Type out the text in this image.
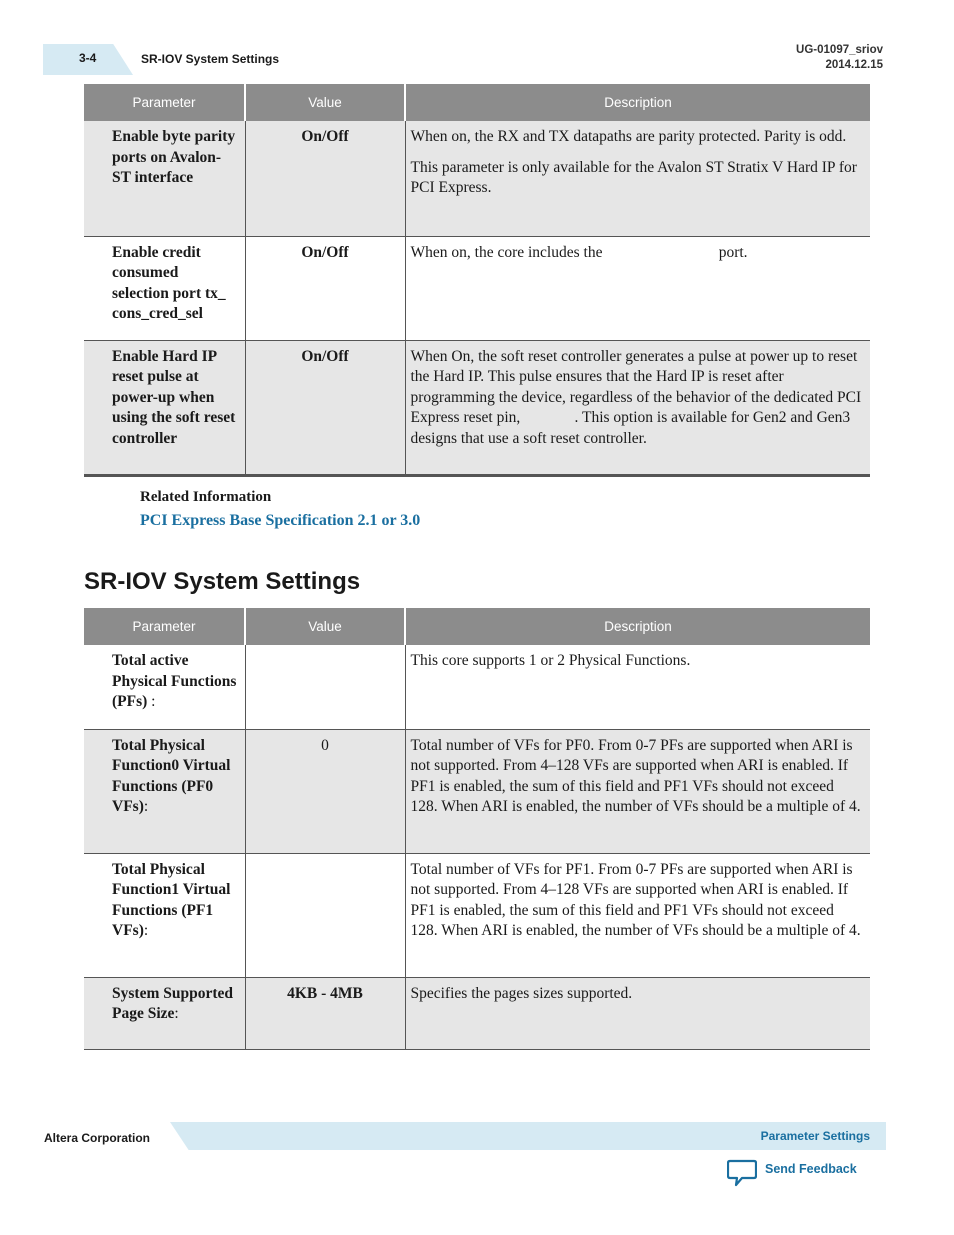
3-4	SR-IOV System Settings
UG-01097_sriov
2014.12.15
Parameter	Value	Description
Enable byte parity ports on Avalon-ST interface	On/Off	When on, the RX and TX datapaths are parity protected. Parity is odd.

This parameter is only available for the Avalon ST Stratix V Hard IP for PCI Express.

Enable credit consumed selection port tx_ cons_cred_sel	On/Off	When on, the core includes the                              port.

Enable Hard IP reset pulse at power-up when using the soft reset controller	On/Off	When On, the soft reset controller generates a pulse at power up to reset the Hard IP. This pulse ensures that the Hard IP is reset after programming the device, regardless of the behavior of the dedicated PCI Express reset pin,              . This option is available for Gen2 and Gen3 designs that use a soft reset controller.

Related Information
PCI Express Base Specification 2.1 or 3.0
SR-IOV System Settings
Parameter	Value	Description
Total active Physical Functions (PFs) :		This core supports 1 or 2 Physical Functions.
Total Physical Function0 Virtual Functions (PF0 VFs):	0	Total number of VFs for PF0. From 0-7 PFs are supported when ARI is not supported. From 4–128 VFs are supported when ARI is enabled. If PF1 is enabled, the sum of this field and PF1 VFs should not exceed 128. When ARI is enabled, the number of VFs should be a multiple of 4.
Total Physical Function1 Virtual Functions (PF1 VFs):		Total number of VFs for PF1. From 0-7 PFs are supported when ARI is not supported. From 4–128 VFs are supported when ARI is enabled. If PF1 is enabled, the sum of this field and PF1 VFs should not exceed 128. When ARI is enabled, the number of VFs should be a multiple of 4.
System Supported Page Size:	4KB - 4MB	Specifies the pages sizes supported.
Altera Corporation	Parameter Settings
Send Feedback
